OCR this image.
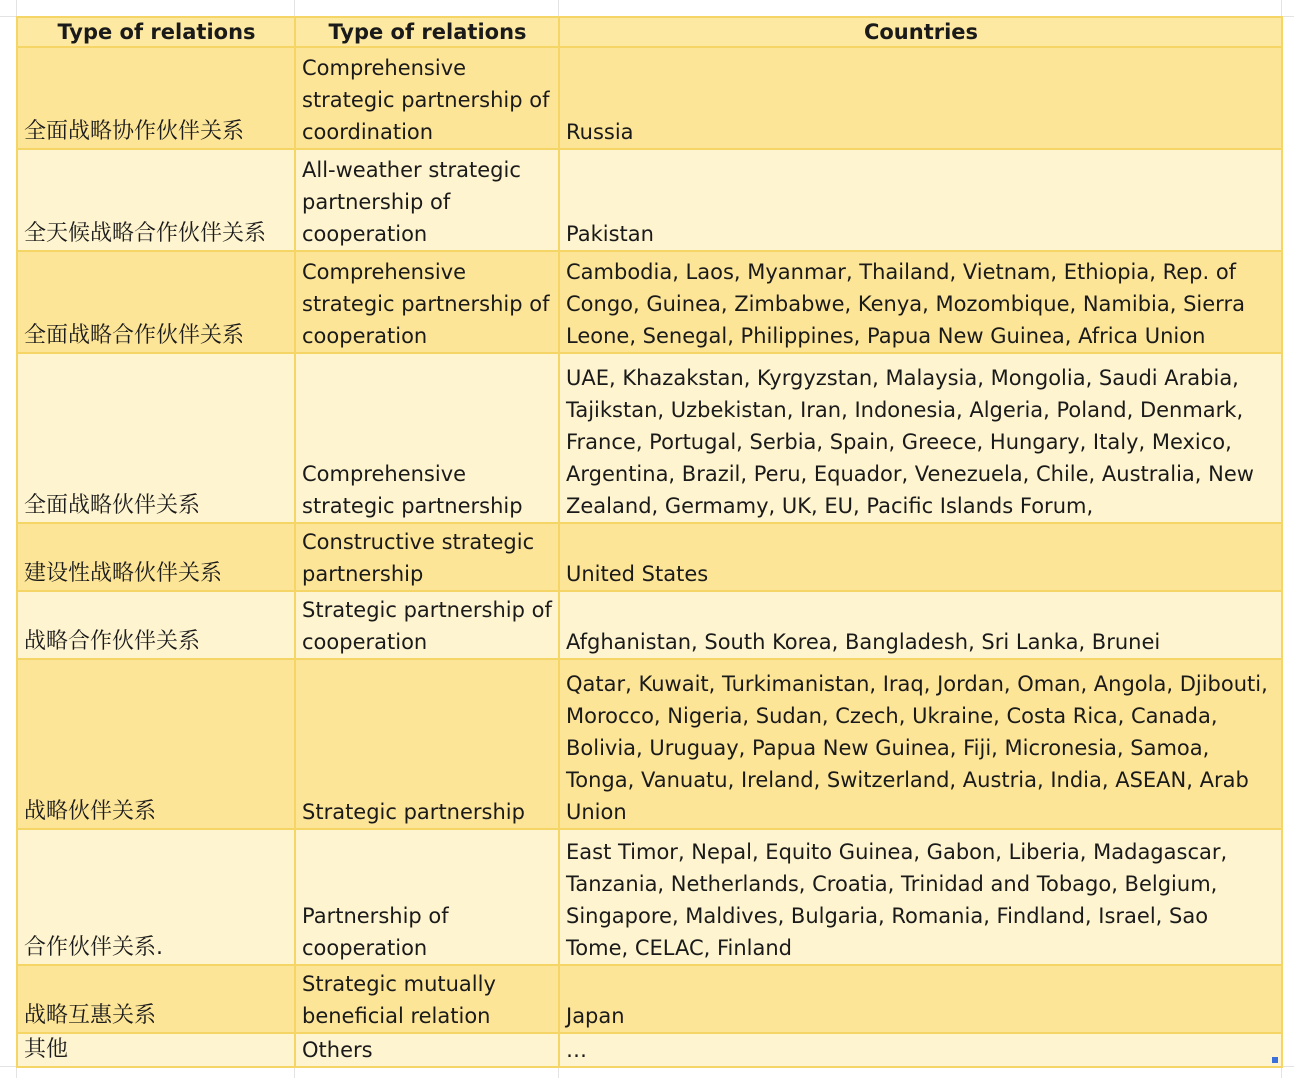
Type of relations	Type of relations	Countries
全面战略协作伙伴关系	Comprehensive strategic partnership of coordination	Russia
全天候战略合作伙伴关系	All-weather strategic partnership of cooperation	Pakistan
全面战略合作伙伴关系	Comprehensive strategic partnership of cooperation	Cambodia, Laos, Myanmar, Thailand, Vietnam, Ethiopia, Rep. of Congo, Guinea, Zimbabwe, Kenya, Mozombique, Namibia, Sierra Leone, Senegal, Philippines, Papua New Guinea, Africa Union
全面战略伙伴关系	Comprehensive strategic partnership	UAE, Khazakstan, Kyrgyzstan, Malaysia, Mongolia, Saudi Arabia, Tajikstan, Uzbekistan, Iran, Indonesia, Algeria, Poland, Denmark, France, Portugal, Serbia, Spain, Greece, Hungary, Italy, Mexico, Argentina, Brazil, Peru, Equador, Venezuela, Chile, Australia, New Zealand, Germamy, UK, EU, Pacific Islands Forum,
建设性战略伙伴关系	Constructive strategic partnership	United States
战略合作伙伴关系	Strategic partnership of cooperation	Afghanistan, South Korea, Bangladesh, Sri Lanka, Brunei
战略伙伴关系	Strategic partnership	Qatar, Kuwait, Turkimanistan, Iraq, Jordan, Oman, Angola, Djibouti, Morocco, Nigeria, Sudan, Czech, Ukraine, Costa Rica, Canada, Bolivia, Uruguay, Papua New Guinea, Fiji, Micronesia, Samoa, Tonga, Vanuatu, Ireland, Switzerland, Austria, India, ASEAN, Arab Union
合作伙伴关系.	Partnership of cooperation	East Timor, Nepal, Equito Guinea, Gabon, Liberia, Madagascar, Tanzania, Netherlands, Croatia, Trinidad and Tobago, Belgium, Singapore, Maldives, Bulgaria, Romania, Findland, Israel, Sao Tome, CELAC, Finland
战略互惠关系	Strategic mutually beneficial relation	Japan
其他	Others	…
